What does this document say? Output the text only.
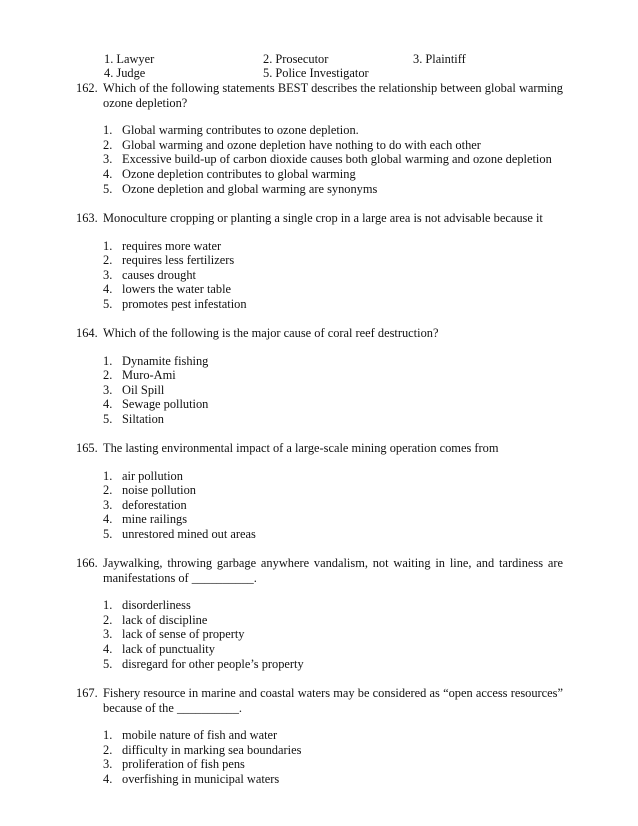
1. Lawyer	2. Prosecutor	3. Plaintiff
4. Judge	5. Police Investigator
162. Which of the following statements BEST describes the relationship between global warming ozone depletion?
1. Global warming contributes to ozone depletion.
2. Global warming and ozone depletion have nothing to do with each other
3. Excessive build-up of carbon dioxide causes both global warming and ozone depletion
4. Ozone depletion contributes to global warming
5. Ozone depletion and global warming are synonyms
163. Monoculture cropping or planting a single crop in a large area is not advisable because it
1. requires more water
2. requires less fertilizers
3. causes drought
4. lowers the water table
5. promotes pest infestation
164. Which of the following is the major cause of coral reef destruction?
1. Dynamite fishing
2. Muro-Ami
3. Oil Spill
4. Sewage pollution
5. Siltation
165. The lasting environmental impact of a large-scale mining operation comes from
1. air pollution
2. noise pollution
3. deforestation
4. mine railings
5. unrestored mined out areas
166. Jaywalking, throwing garbage anywhere vandalism, not waiting in line, and tardiness are manifestations of __________.
1. disorderliness
2. lack of discipline
3. lack of sense of property
4. lack of punctuality
5. disregard for other people’s property
167. Fishery resource in marine and coastal waters may be considered as “open access resources” because of the __________.
1. mobile nature of fish and water
2. difficulty in marking sea boundaries
3. proliferation of fish pens
4. overfishing in municipal waters
